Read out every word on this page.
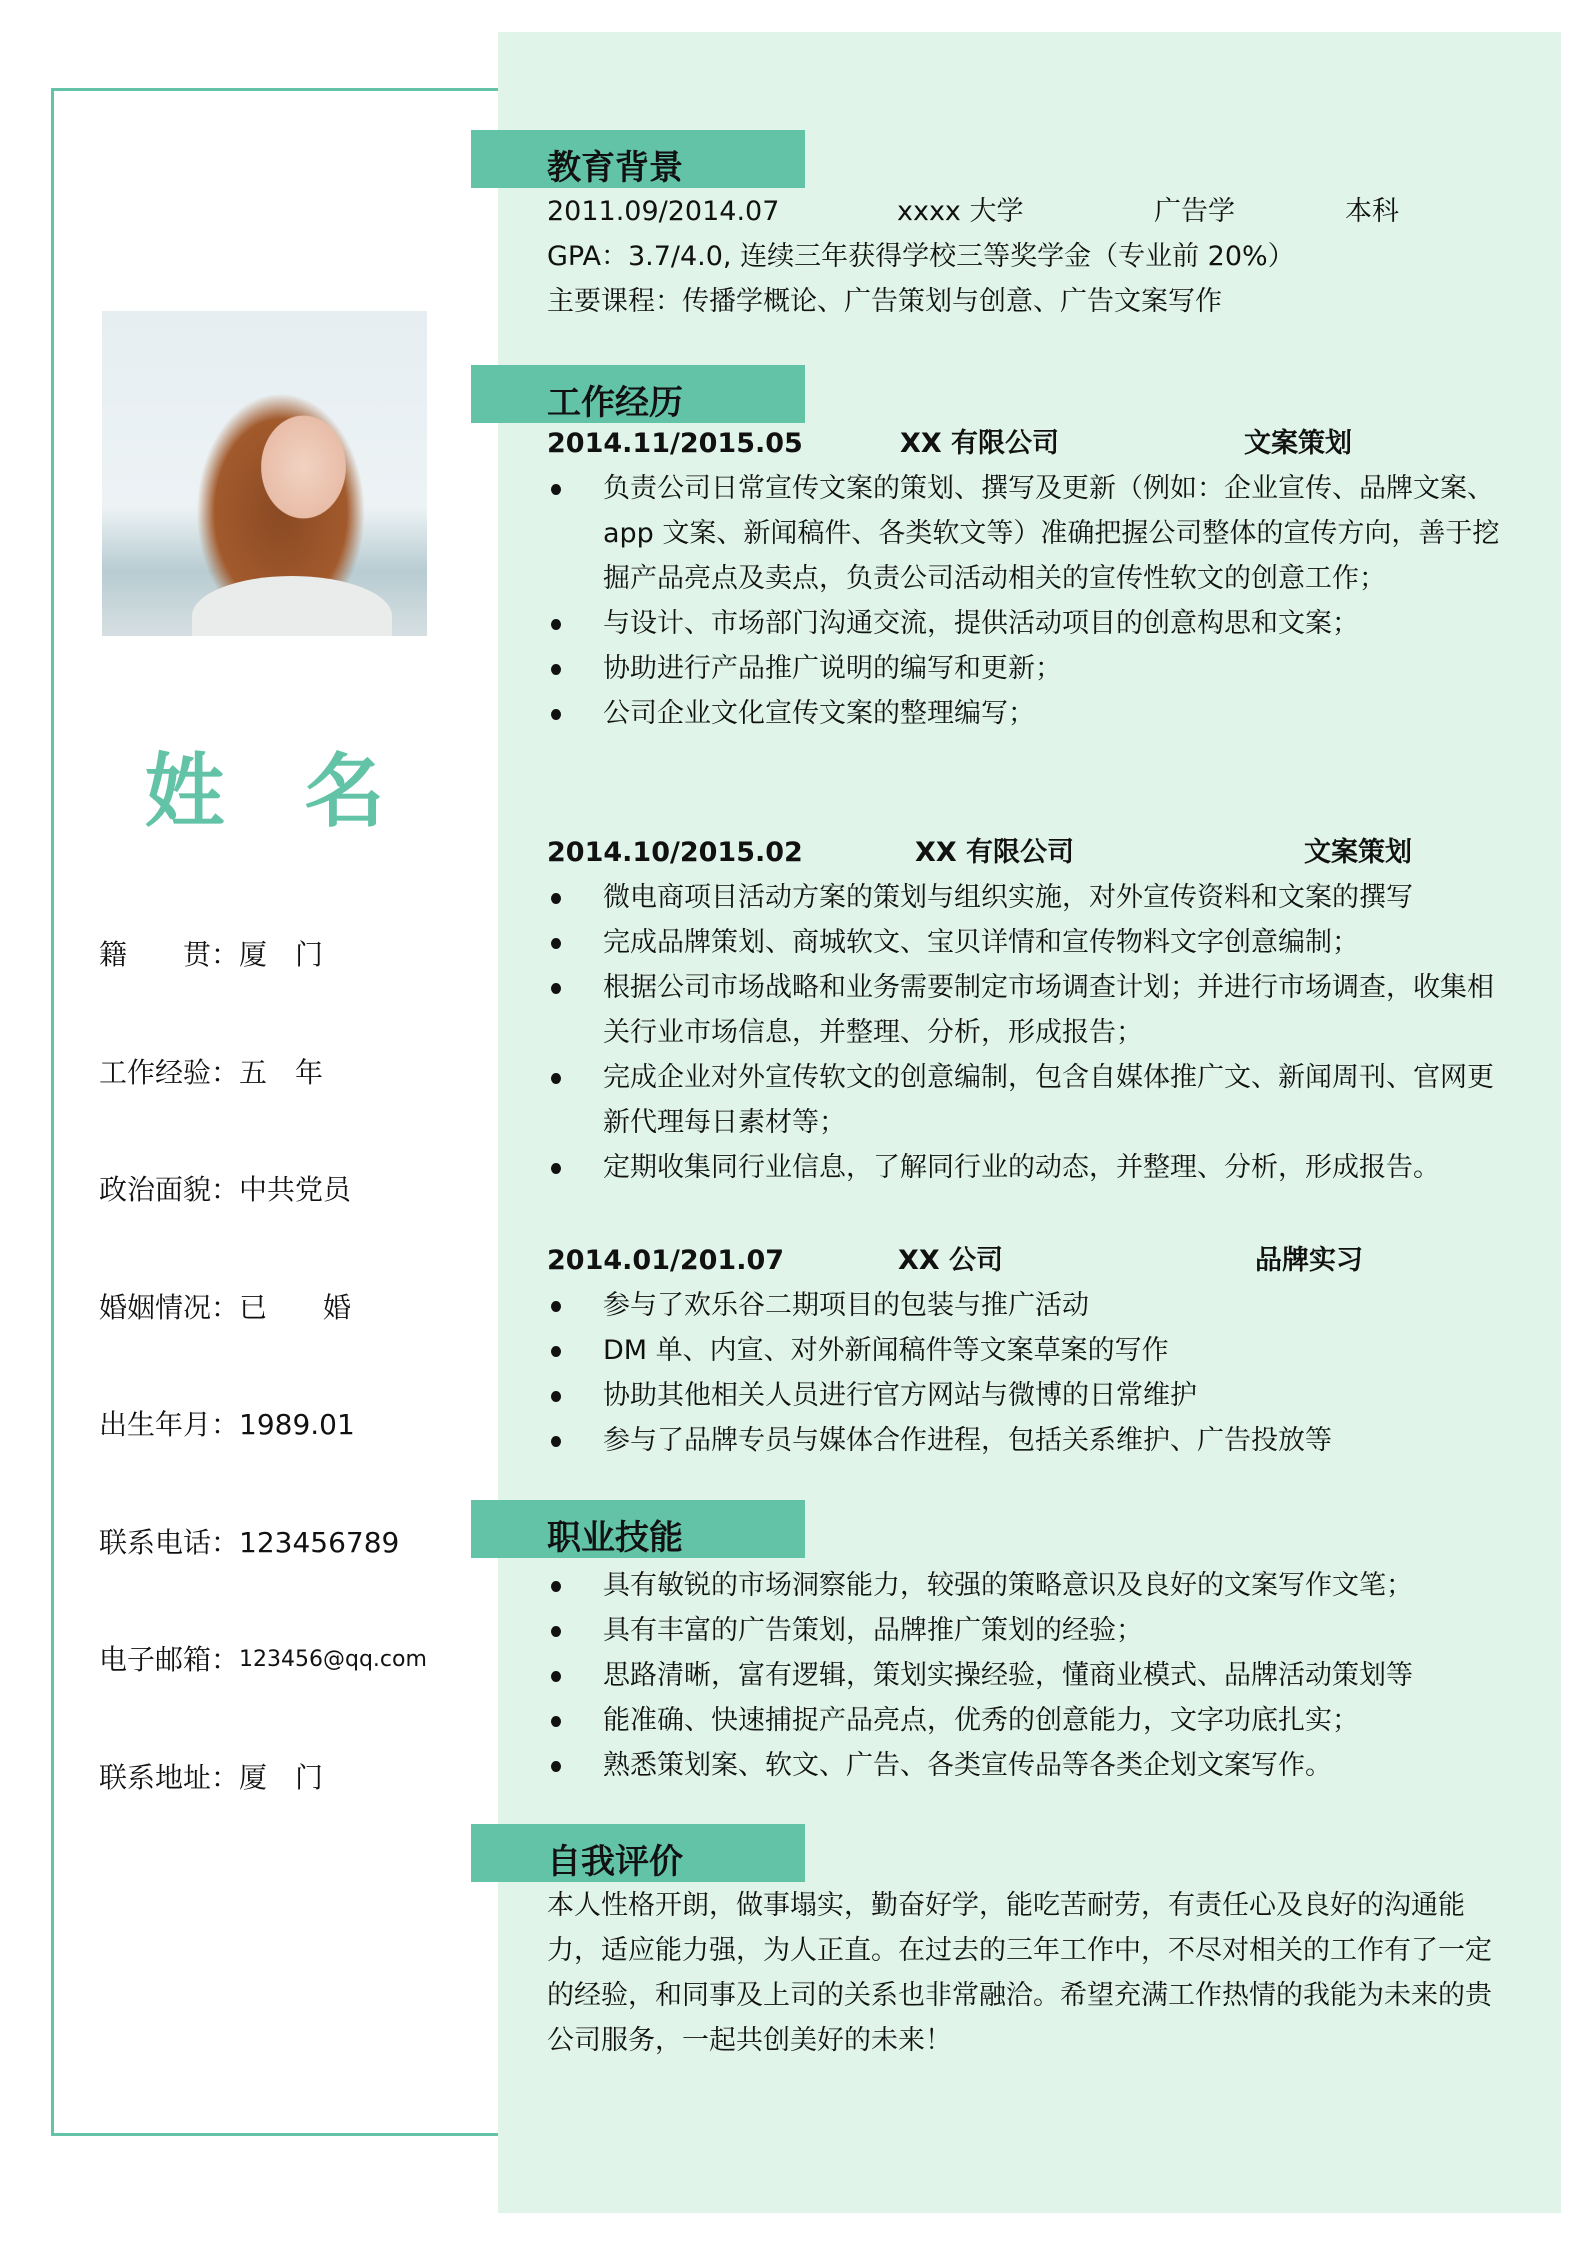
姓 名
籍　　贯： 厦　门
工作经验： 五　年
政治面貌： 中共党员
婚姻情况： 已　　婚
出生年月： 1989.01
联系电话： 123456789
电子邮箱： 123456@qq.com
联系地址： 厦　门
教育背景
2011.09/2014.07	xxxx 大学	广告学	本科
GPA：3.7/4.0, 连续三年获得学校三等奖学金（专业前 20%）
主要课程：传播学概论、广告策划与创意、广告文案写作
工作经历
2014.11/2015.05	XX 有限公司	文案策划
负责公司日常宣传文案的策划、撰写及更新（例如：企业宣传、品牌文案、app 文案、新闻稿件、各类软文等）准确把握公司整体的宣传方向，善于挖掘产品亮点及卖点，负责公司活动相关的宣传性软文的创意工作；
与设计、市场部门沟通交流，提供活动项目的创意构思和文案；
协助进行产品推广说明的编写和更新；
公司企业文化宣传文案的整理编写；
2014.10/2015.02	XX 有限公司	文案策划
微电商项目活动方案的策划与组织实施，对外宣传资料和文案的撰写
完成品牌策划、商城软文、宝贝详情和宣传物料文字创意编制；
根据公司市场战略和业务需要制定市场调查计划；并进行市场调查，收集相关行业市场信息，并整理、分析，形成报告；
完成企业对外宣传软文的创意编制，包含自媒体推广文、新闻周刊、官网更新代理每日素材等；
定期收集同行业信息，了解同行业的动态，并整理、分析，形成报告。
2014.01/201.07	XX 公司	品牌实习
参与了欢乐谷二期项目的包装与推广活动
DM 单、内宣、对外新闻稿件等文案草案的写作
协助其他相关人员进行官方网站与微博的日常维护
参与了品牌专员与媒体合作进程，包括关系维护、广告投放等
职业技能
具有敏锐的市场洞察能力，较强的策略意识及良好的文案写作文笔；
具有丰富的广告策划，品牌推广策划的经验；
思路清晰，富有逻辑，策划实操经验，懂商业模式、品牌活动策划等
能准确、快速捕捉产品亮点，优秀的创意能力，文字功底扎实；
熟悉策划案、软文、广告、各类宣传品等各类企划文案写作。
自我评价
本人性格开朗，做事塌实，勤奋好学，能吃苦耐劳，有责任心及良好的沟通能力，适应能力强，为人正直。在过去的三年工作中，不尽对相关的工作有了一定的经验，和同事及上司的关系也非常融洽。希望充满工作热情的我能为未来的贵公司服务，一起共创美好的未来！
